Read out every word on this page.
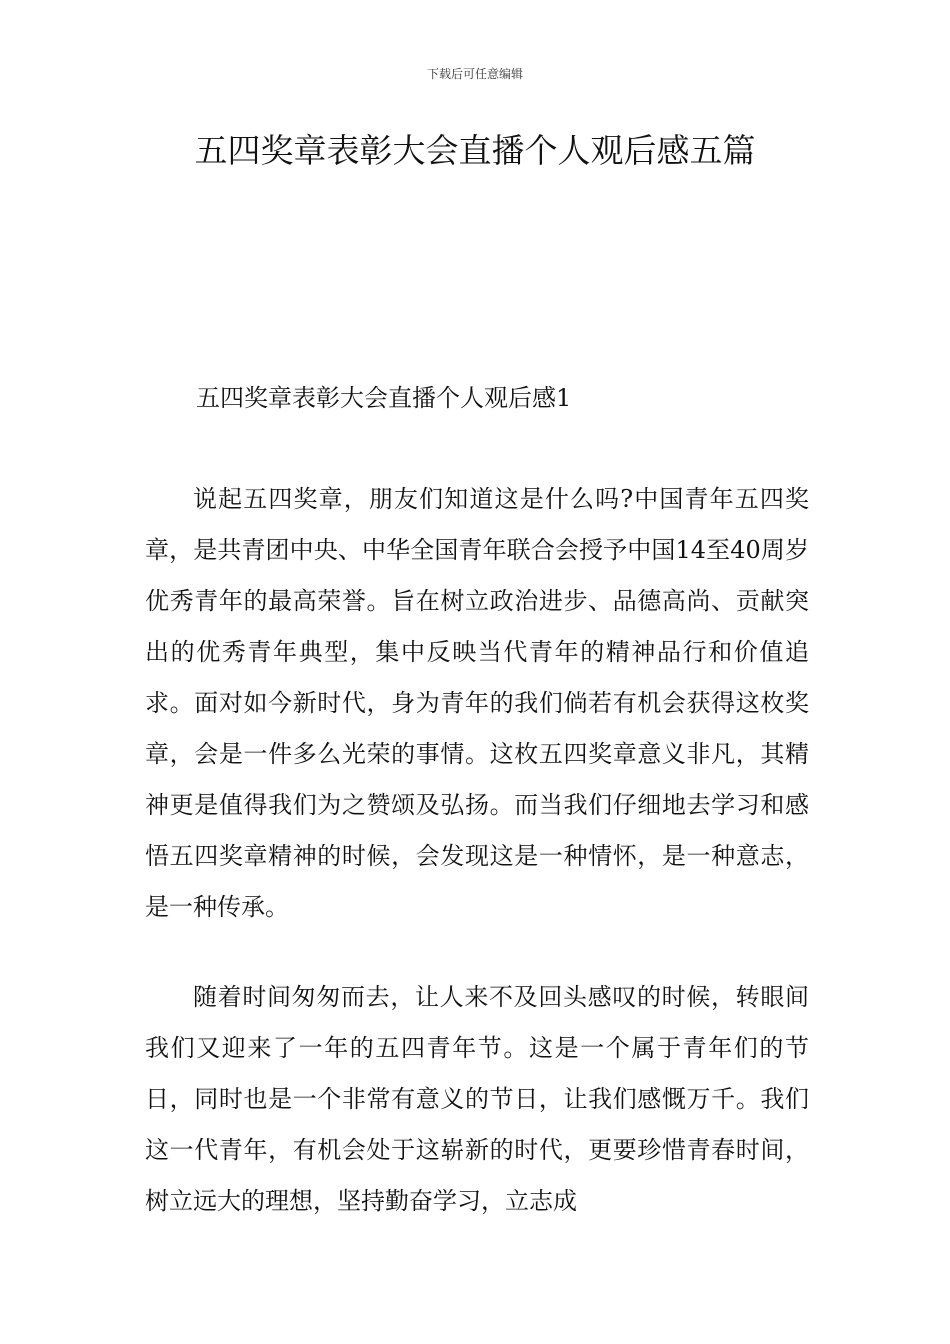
下载后可任意编辑
五四奖章表彰大会直播个人观后感五篇
五四奖章表彰大会直播个人观后感1

说起五四奖章，朋友们知道这是什么吗?中国青年五四奖章，是共青团中央、中华全国青年联合会授予中国14至40周岁优秀青年的最高荣誉。旨在树立政治进步、品德高尚、贡献突出的优秀青年典型，集中反映当代青年的精神品行和价值追求。面对如今新时代，身为青年的我们倘若有机会获得这枚奖章，会是一件多么光荣的事情。这枚五四奖章意义非凡，其精神更是值得我们为之赞颂及弘扬。而当我们仔细地去学习和感悟五四奖章精神的时候，会发现这是一种情怀，是一种意志，是一种传承。

随着时间匆匆而去，让人来不及回头感叹的时候，转眼间我们又迎来了一年的五四青年节。这是一个属于青年们的节日，同时也是一个非常有意义的节日，让我们感慨万千。我们这一代青年，有机会处于这崭新的时代，更要珍惜青春时间，树立远大的理想，坚持勤奋学习，立志成
